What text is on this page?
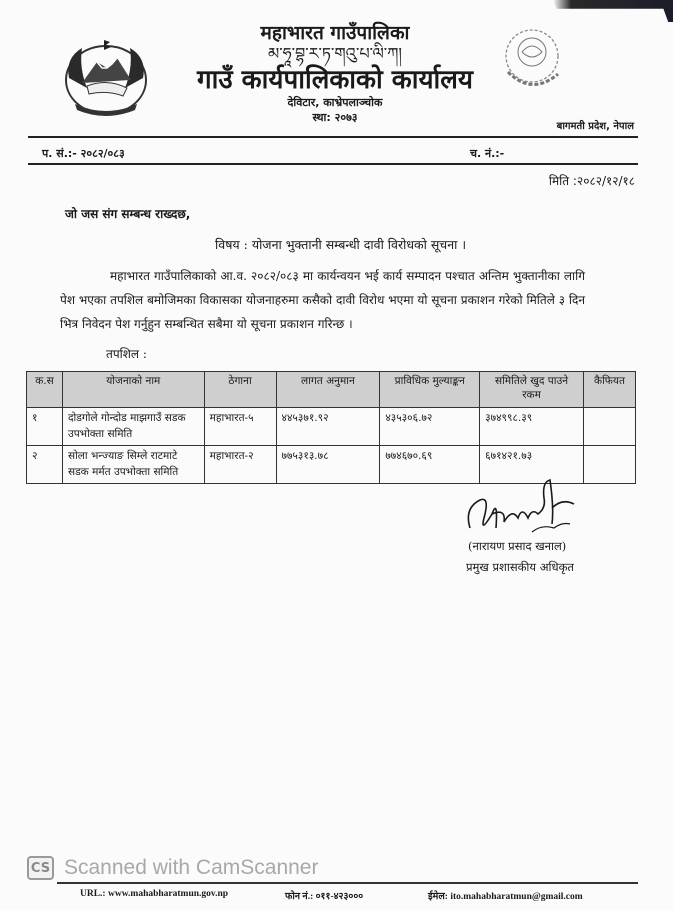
महाभारत गाउँपालिका
མ་ཧཱ་བྷ་ར་ཏ་གའུ་པ་ལི་ཀ།
गाउँ कार्यपालिकाको कार्यालय
देविटार, काभ्रेपलाञ्चोक
स्था: २०७३
बागमती प्रदेश, नेपाल
प. सं.:- २०८२/०८३	च. नं.:-
मिति :२०८२/१२/१८
जो जस संग सम्बन्ध राख्दछ,
विषय : योजना भुक्तानी सम्बन्धी दावी विरोधको सूचना ।
महाभारत गाउँपालिकाको आ.व. २०८२/०८३ मा कार्यन्वयन भई कार्य सम्पादन पश्चात अन्तिम भुक्तानीका लागि पेश भएका तपशिल बमोजिमका विकासका योजनाहरुमा कसैको दावी विरोध भएमा यो सूचना प्रकाशन गरेको मितिले ३ दिन भित्र निवेदन पेश गर्नुहुन सम्बन्धित सबैमा यो सूचना प्रकाशन गरिन्छ ।
तपशिल :
क.स	योजनाको नाम	ठेगाना	लागत अनुमान	प्राविधिक मुल्याङ्कन	समितिले खुद पाउने रकम	कैफियत
१	दोडगोले गोन्दोड माझगाउँ सडक उपभोक्ता समिति	महाभारत-५	४४५३७१.९२	४३५३०६.७२	३७४९९८.३९	
२	सोला भन्ज्याङ सिम्ले राटमाटे सडक मर्मत उपभोक्ता समिति	महाभारत-२	७७५३१३.७८	७७४६७०.६९	६७१४२१.७३	
(नारायण प्रसाद खनाल)
प्रमुख प्रशासकीय अधिकृत
CS Scanned with CamScanner
URL.: www.mahabharatmun.gov.np	फोन नं.: ०११-४२३०००	ईमेल: ito.mahabharatmun@gmail.com
